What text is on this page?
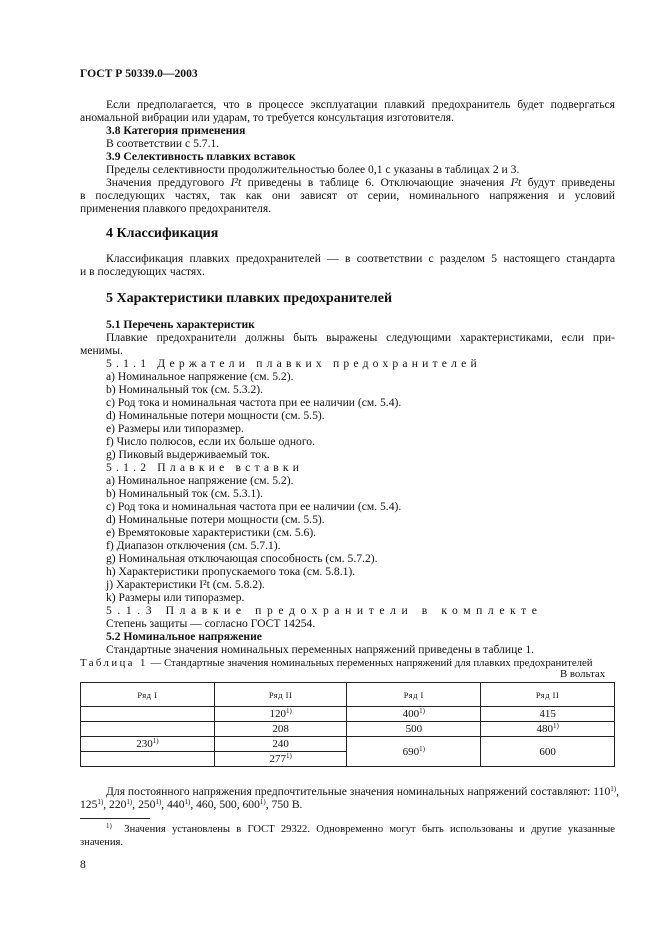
ГОСТ Р 50339.0—2003
Если предполагается, что в процессе эксплуатации плавкий предохранитель будет подвергаться
аномальной вибрации или ударам, то требуется консультация изготовителя.
3.8 Категория применения
В соответствии с 5.7.1.
3.9 Селективность плавких вставок
Пределы селективности продолжительностью более 0,1 с указаны в таблицах 2 и 3.
Значения преддугового I²t приведены в таблице 6. Отключающие значения I²t будут приведены
в последующих частях, так как они зависят от серии, номинального напряжения и условий
применения плавкого предохранителя.
4 Классификация
Классификация плавких предохранителей — в соответствии с разделом 5 настоящего стандарта
и в последующих частях.
5 Характеристики плавких предохранителей
5.1 Перечень характеристик
Плавкие предохранители должны быть выражены следующими характеристиками, если при-
менимы.
5.1.1 Держатели плавких предохранителей
a) Номинальное напряжение (см. 5.2).
b) Номинальный ток (см. 5.3.2).
c) Род тока и номинальная частота при ее наличии (см. 5.4).
d) Номинальные потери мощности (см. 5.5).
e) Размеры или типоразмер.
f) Число полюсов, если их больше одного.
g) Пиковый выдерживаемый ток.
5.1.2 Плавкие вставки
a) Номинальное напряжение (см. 5.2).
b) Номинальный ток (см. 5.3.1).
c) Род тока и номинальная частота при ее наличии (см. 5.4).
d) Номинальные потери мощности (см. 5.5).
e) Времятоковые характеристики (см. 5.6).
f) Диапазон отключения (см. 5.7.1).
g) Номинальная отключающая способность (см. 5.7.2).
h) Характеристики пропускаемого тока (см. 5.8.1).
j) Характеристики I²t (см. 5.8.2).
k) Размеры или типоразмер.
5.1.3 Плавкие предохранители в комплекте
Степень защиты — согласно ГОСТ 14254.
5.2 Номинальное напряжение
Стандартные значения номинальных переменных напряжений приведены в таблице 1.
Таблица 1 — Стандартные значения номинальных переменных напряжений для плавких предохранителей
В вольтах
Ряд I	Ряд II	Ряд I	Ряд II
	120$^{1)}$	400$^{1)}$	415
	208	500	480$^{1)}$
230$^{1)}$	240	690$^{1)}$	600
	277$^{1)}$
Для постоянного напряжения предпочтительные значения номинальных напряжений составляют: 110$^{1)}$,
125$^{1)}$, 220$^{1)}$, 250$^{1)}$, 440$^{1)}$, 460, 500, 600$^{1)}$, 750 В.
$^{1)}$ Значения установлены в ГОСТ 29322. Одновременно могут быть использованы и другие указанные
значения.
8
